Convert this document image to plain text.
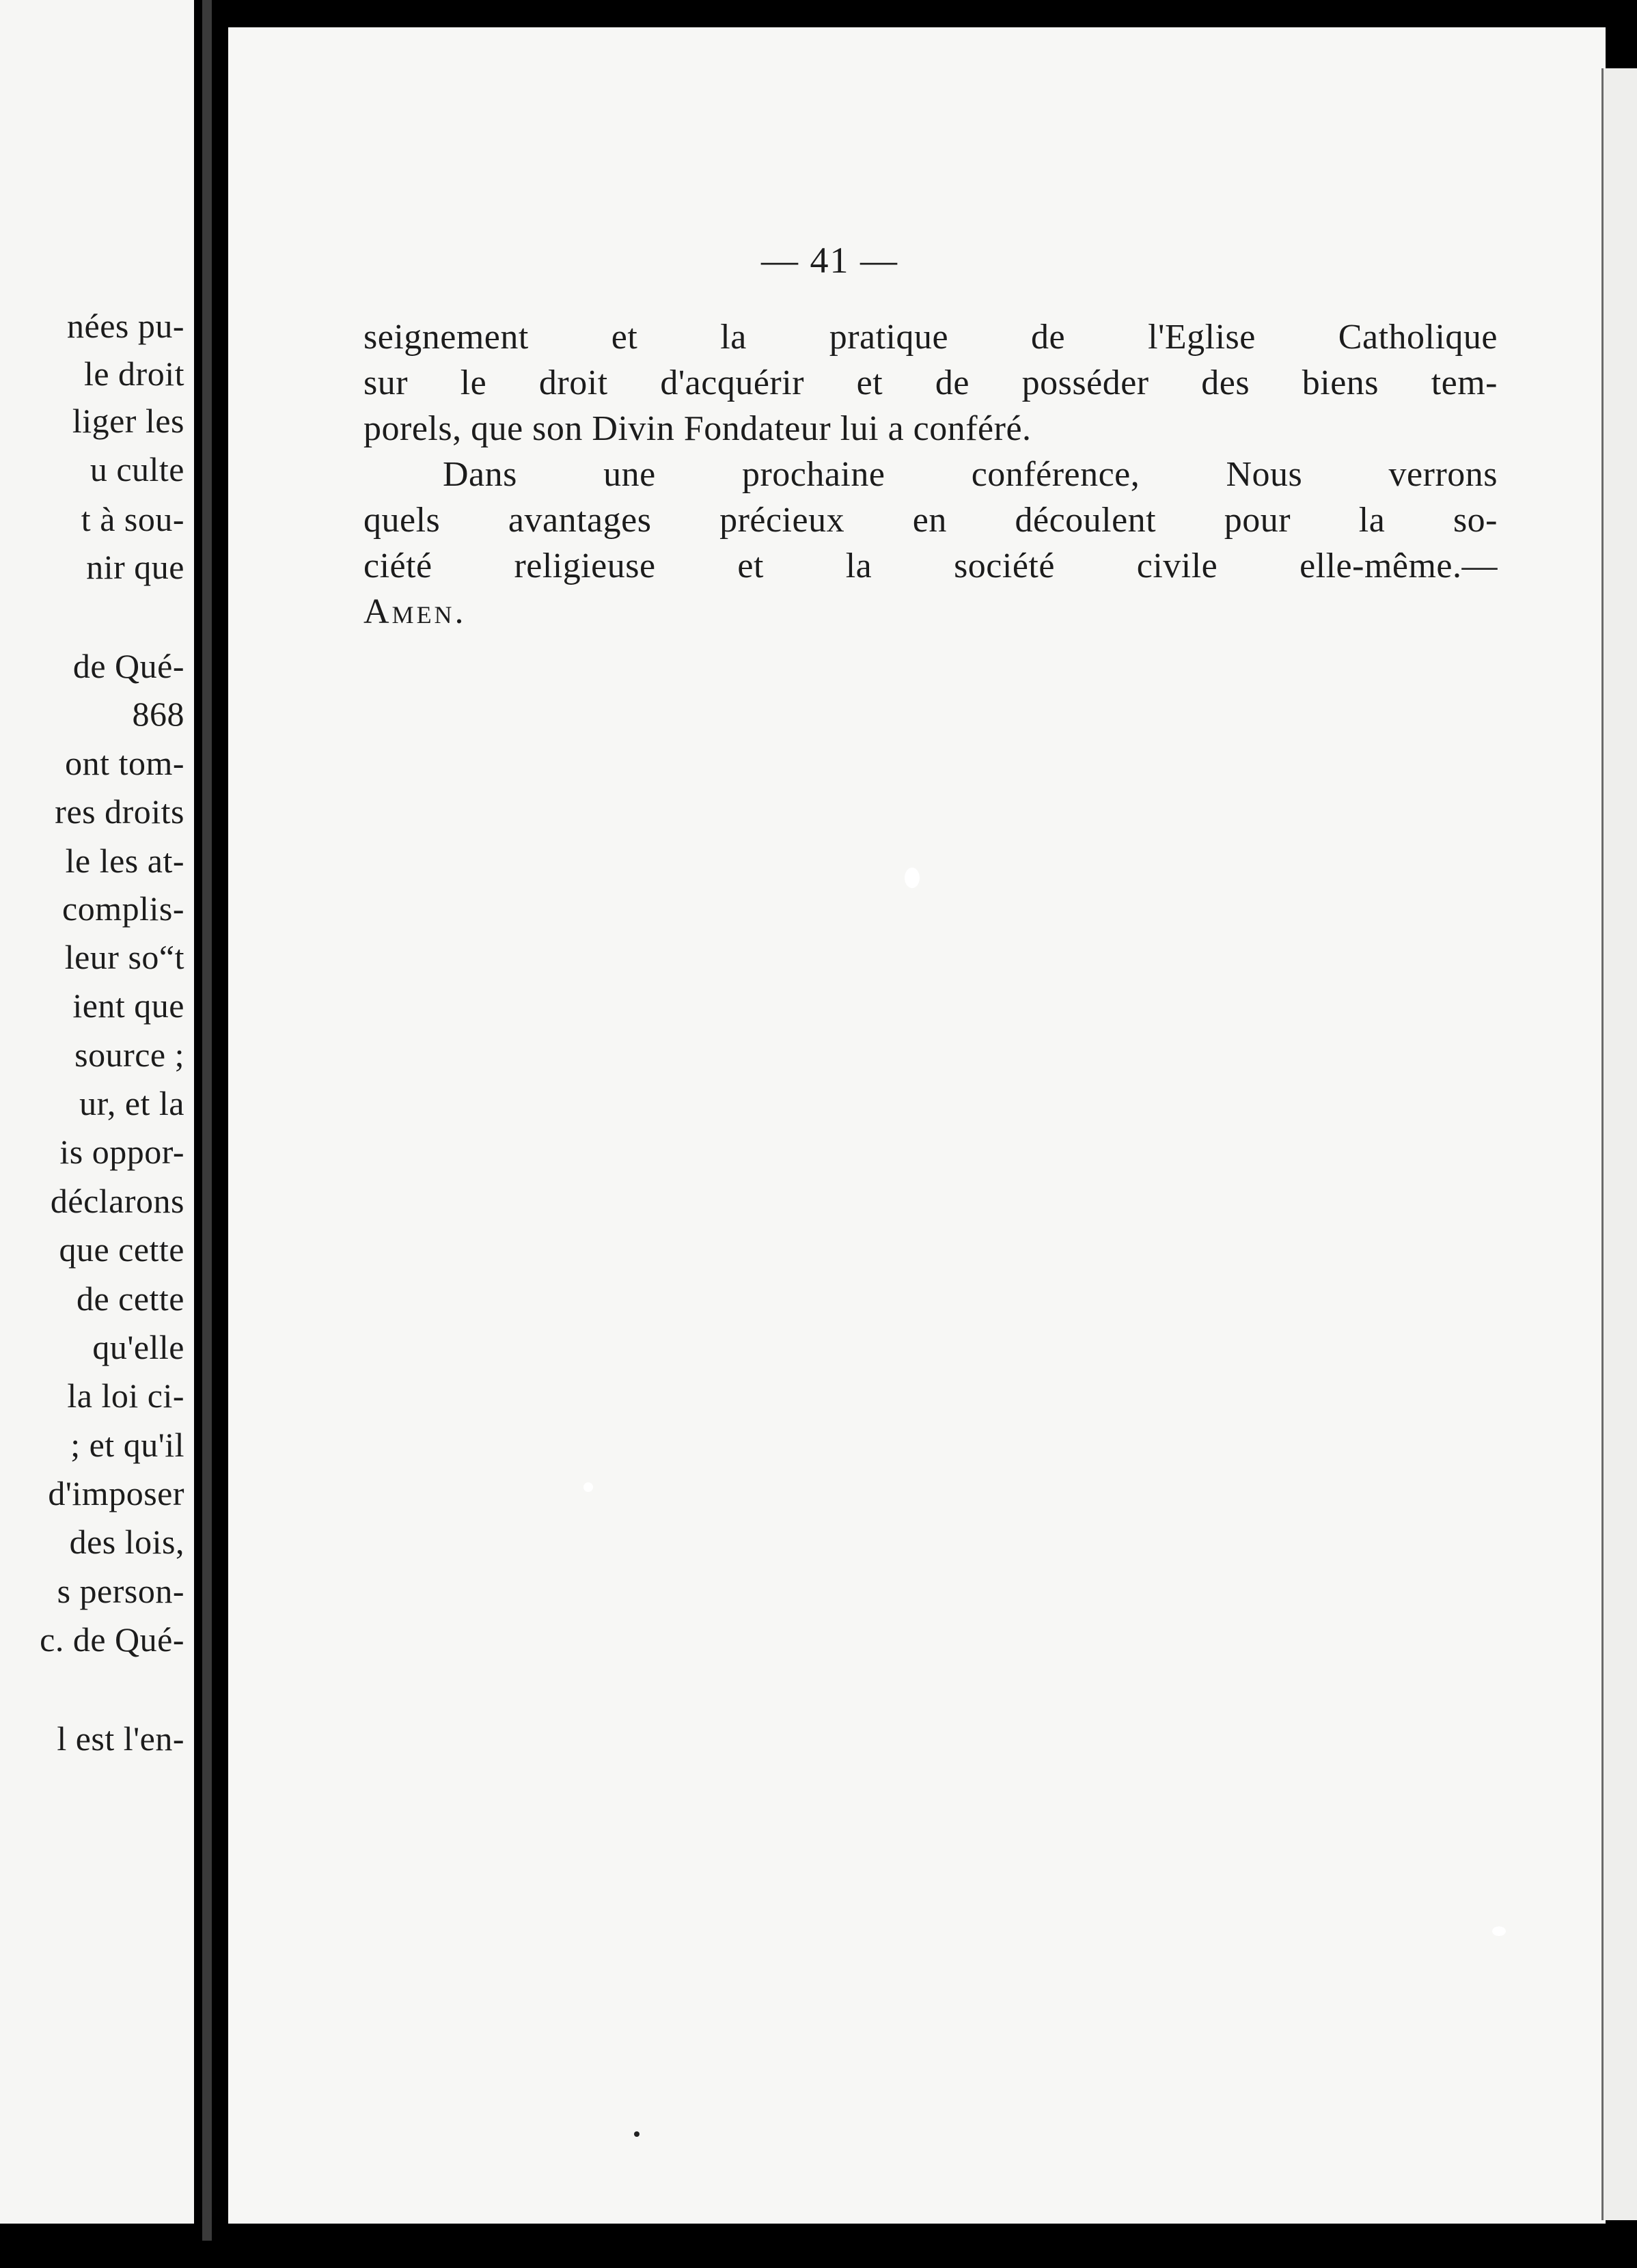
nées pu-
le droit
liger les
u culte
t à sou-
nir que
de Qué-
868
ont tom-
res droits
le les at-
complis-
leur so“t
ient que
source ;
ur, et la
is oppor-
déclarons
que cette
de cette
qu'elle
la loi ci-
; et qu'il
d'imposer
des lois,
s person-
c. de Qué-
l est l'en-
— 41 —
seignement et la pratique de l'Eglise Catholique
sur le droit d'acquérir et de posséder des biens tem-
porels, que son Divin Fondateur lui a conféré.
Dans une prochaine conférence, Nous verrons
quels avantages précieux en découlent pour la so-
ciété religieuse et la société civile elle-même.—
Amen.
